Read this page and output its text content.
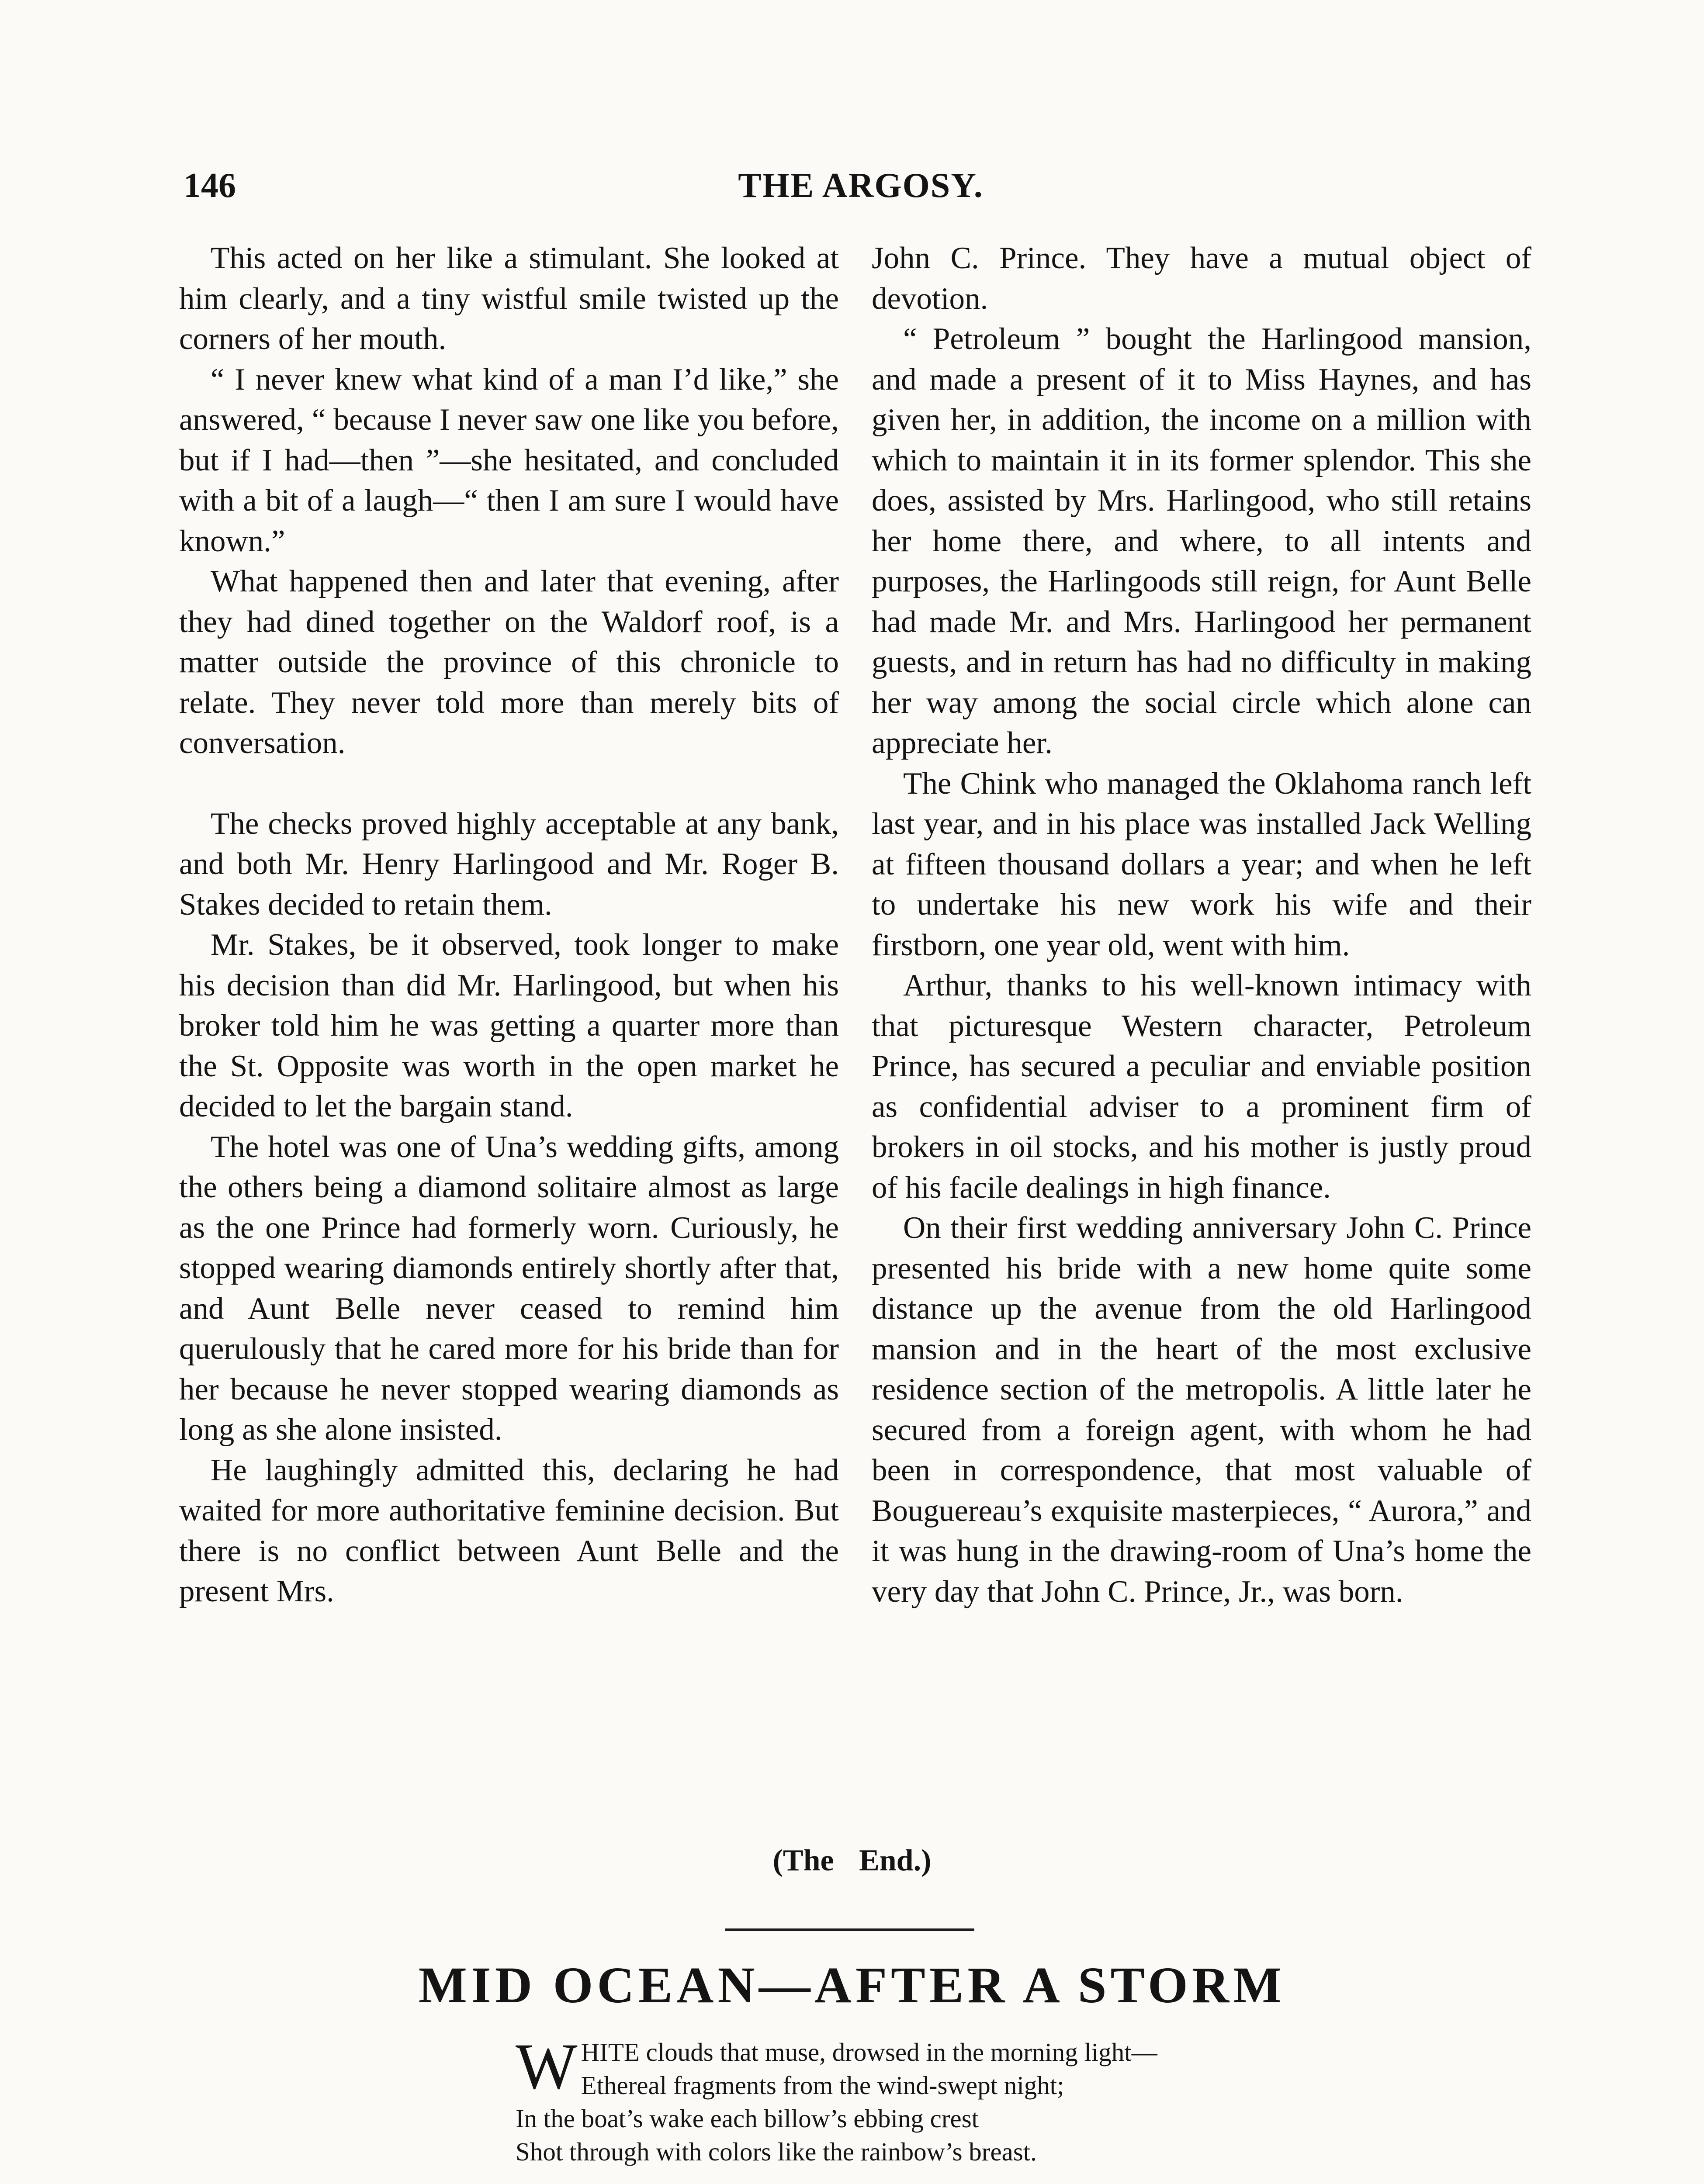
146	THE ARGOSY.

This acted on her like a stimulant. She looked at him clearly, and a tiny wistful smile twisted up the corners of her mouth.

“ I never knew what kind of a man I’d like,” she answered, “ because I never saw one like you before, but if I had—then ”—she hesitated, and concluded with a bit of a laugh—“ then I am sure I would have known.”

What happened then and later that evening, after they had dined together on the Waldorf roof, is a matter outside the province of this chronicle to relate. They never told more than merely bits of conversation.

The checks proved highly acceptable at any bank, and both Mr. Henry Harlingood and Mr. Roger B. Stakes decided to retain them.

Mr. Stakes, be it observed, took longer to make his decision than did Mr. Harlingood, but when his broker told him he was getting a quarter more than the St. Opposite was worth in the open market he decided to let the bargain stand.

The hotel was one of Una’s wedding gifts, among the others being a diamond solitaire almost as large as the one Prince had formerly worn. Curiously, he stopped wearing diamonds entirely shortly after that, and Aunt Belle never ceased to remind him querulously that he cared more for his bride than for her because he never stopped wearing diamonds as long as she alone insisted.

He laughingly admitted this, declaring he had waited for more authoritative feminine decision. But there is no conflict between Aunt Belle and the present Mrs.

John C. Prince. They have a mutual object of devotion.

“ Petroleum ” bought the Harlingood mansion, and made a present of it to Miss Haynes, and has given her, in addition, the income on a million with which to maintain it in its former splendor. This she does, assisted by Mrs. Harlingood, who still retains her home there, and where, to all intents and purposes, the Harlingoods still reign, for Aunt Belle had made Mr. and Mrs. Harlingood her permanent guests, and in return has had no difficulty in making her way among the social circle which alone can appreciate her.

The Chink who managed the Oklahoma ranch left last year, and in his place was installed Jack Welling at fifteen thousand dollars a year; and when he left to undertake his new work his wife and their firstborn, one year old, went with him.

Arthur, thanks to his well-known intimacy with that picturesque Western character, Petroleum Prince, has secured a peculiar and enviable position as confidential adviser to a prominent firm of brokers in oil stocks, and his mother is justly proud of his facile dealings in high finance.

On their first wedding anniversary John C. Prince presented his bride with a new home quite some distance up the avenue from the old Harlingood mansion and in the heart of the most exclusive residence section of the metropolis. A little later he secured from a foreign agent, with whom he had been in correspondence, that most valuable of Bouguereau’s exquisite masterpieces, “ Aurora,” and it was hung in the drawing-room of Una’s home the very day that John C. Prince, Jr., was born.

(The End.)
MID OCEAN—AFTER A STORM
W HITE clouds that muse, drowsed in the morning light—
Ethereal fragments from the wind-swept night;
In the boat’s wake each billow’s ebbing crest
Shot through with colors like the rainbow’s breast.
